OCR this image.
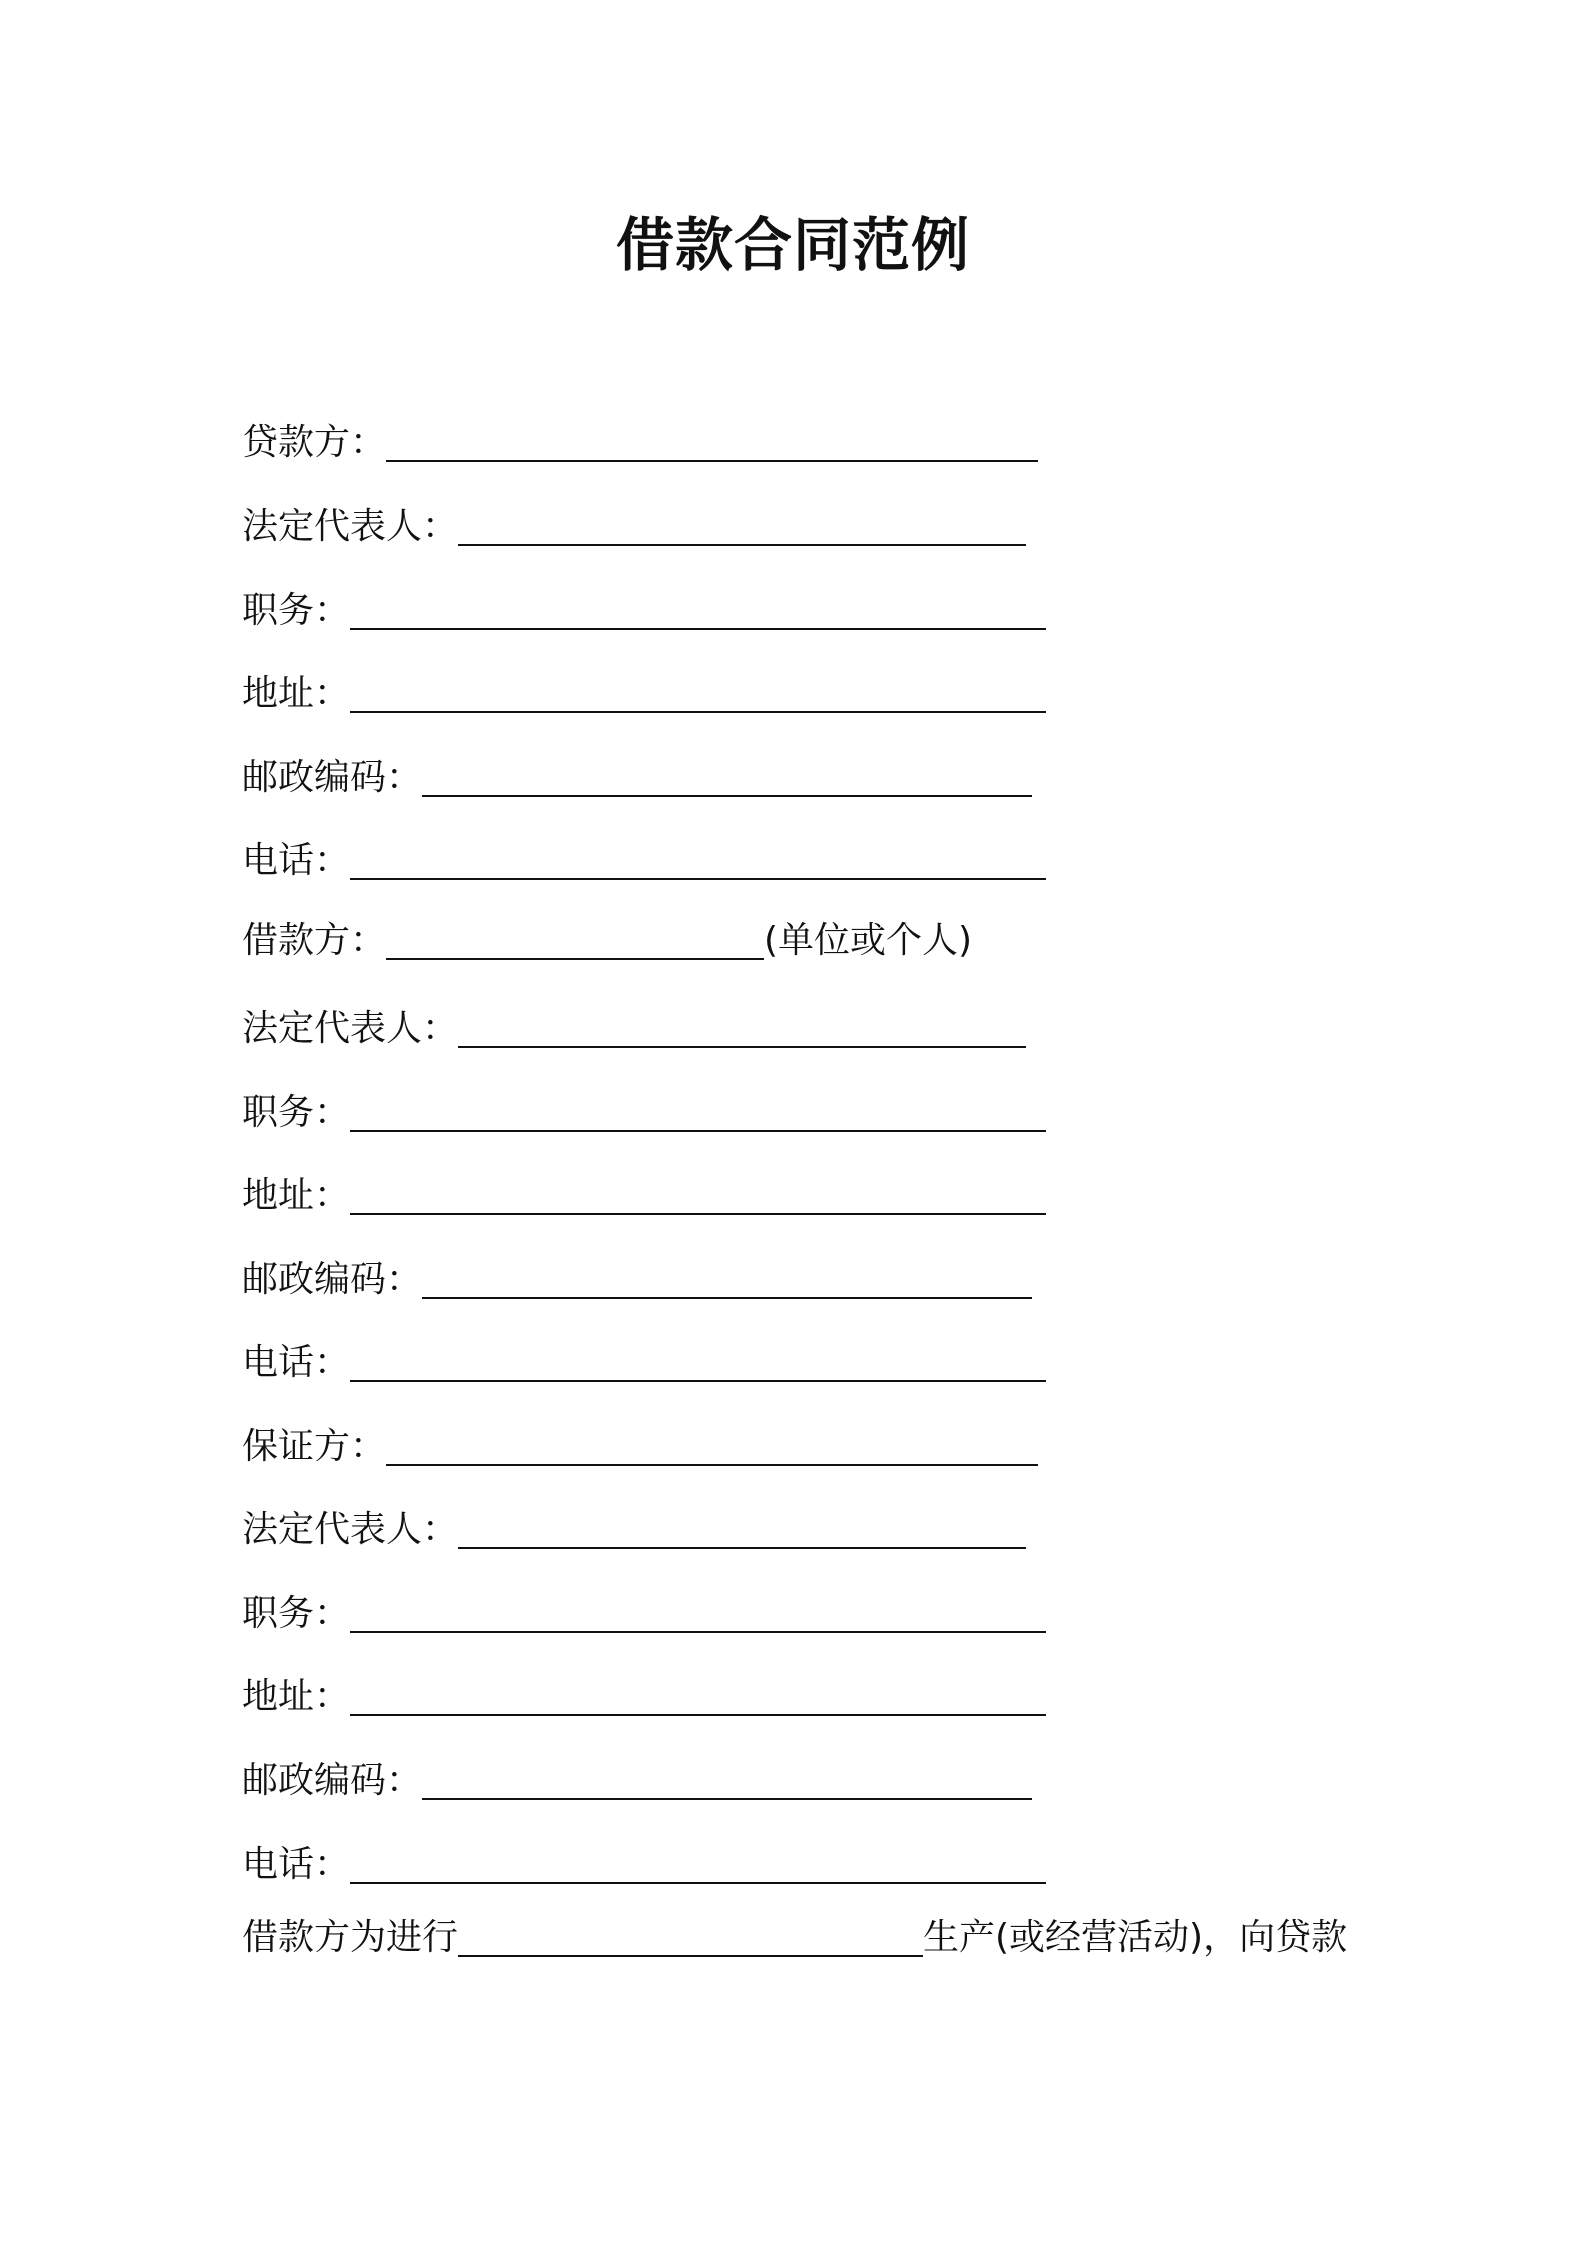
借款合同范例
贷款方：
法定代表人：
职务：
地址：
邮政编码：
电话：
借款方：	(单位或个人)
法定代表人：
职务：
地址：
邮政编码：
电话：
保证方：
法定代表人：
职务：
地址：
邮政编码：
电话：
借款方为进行	生产(或经营活动)，向贷款
